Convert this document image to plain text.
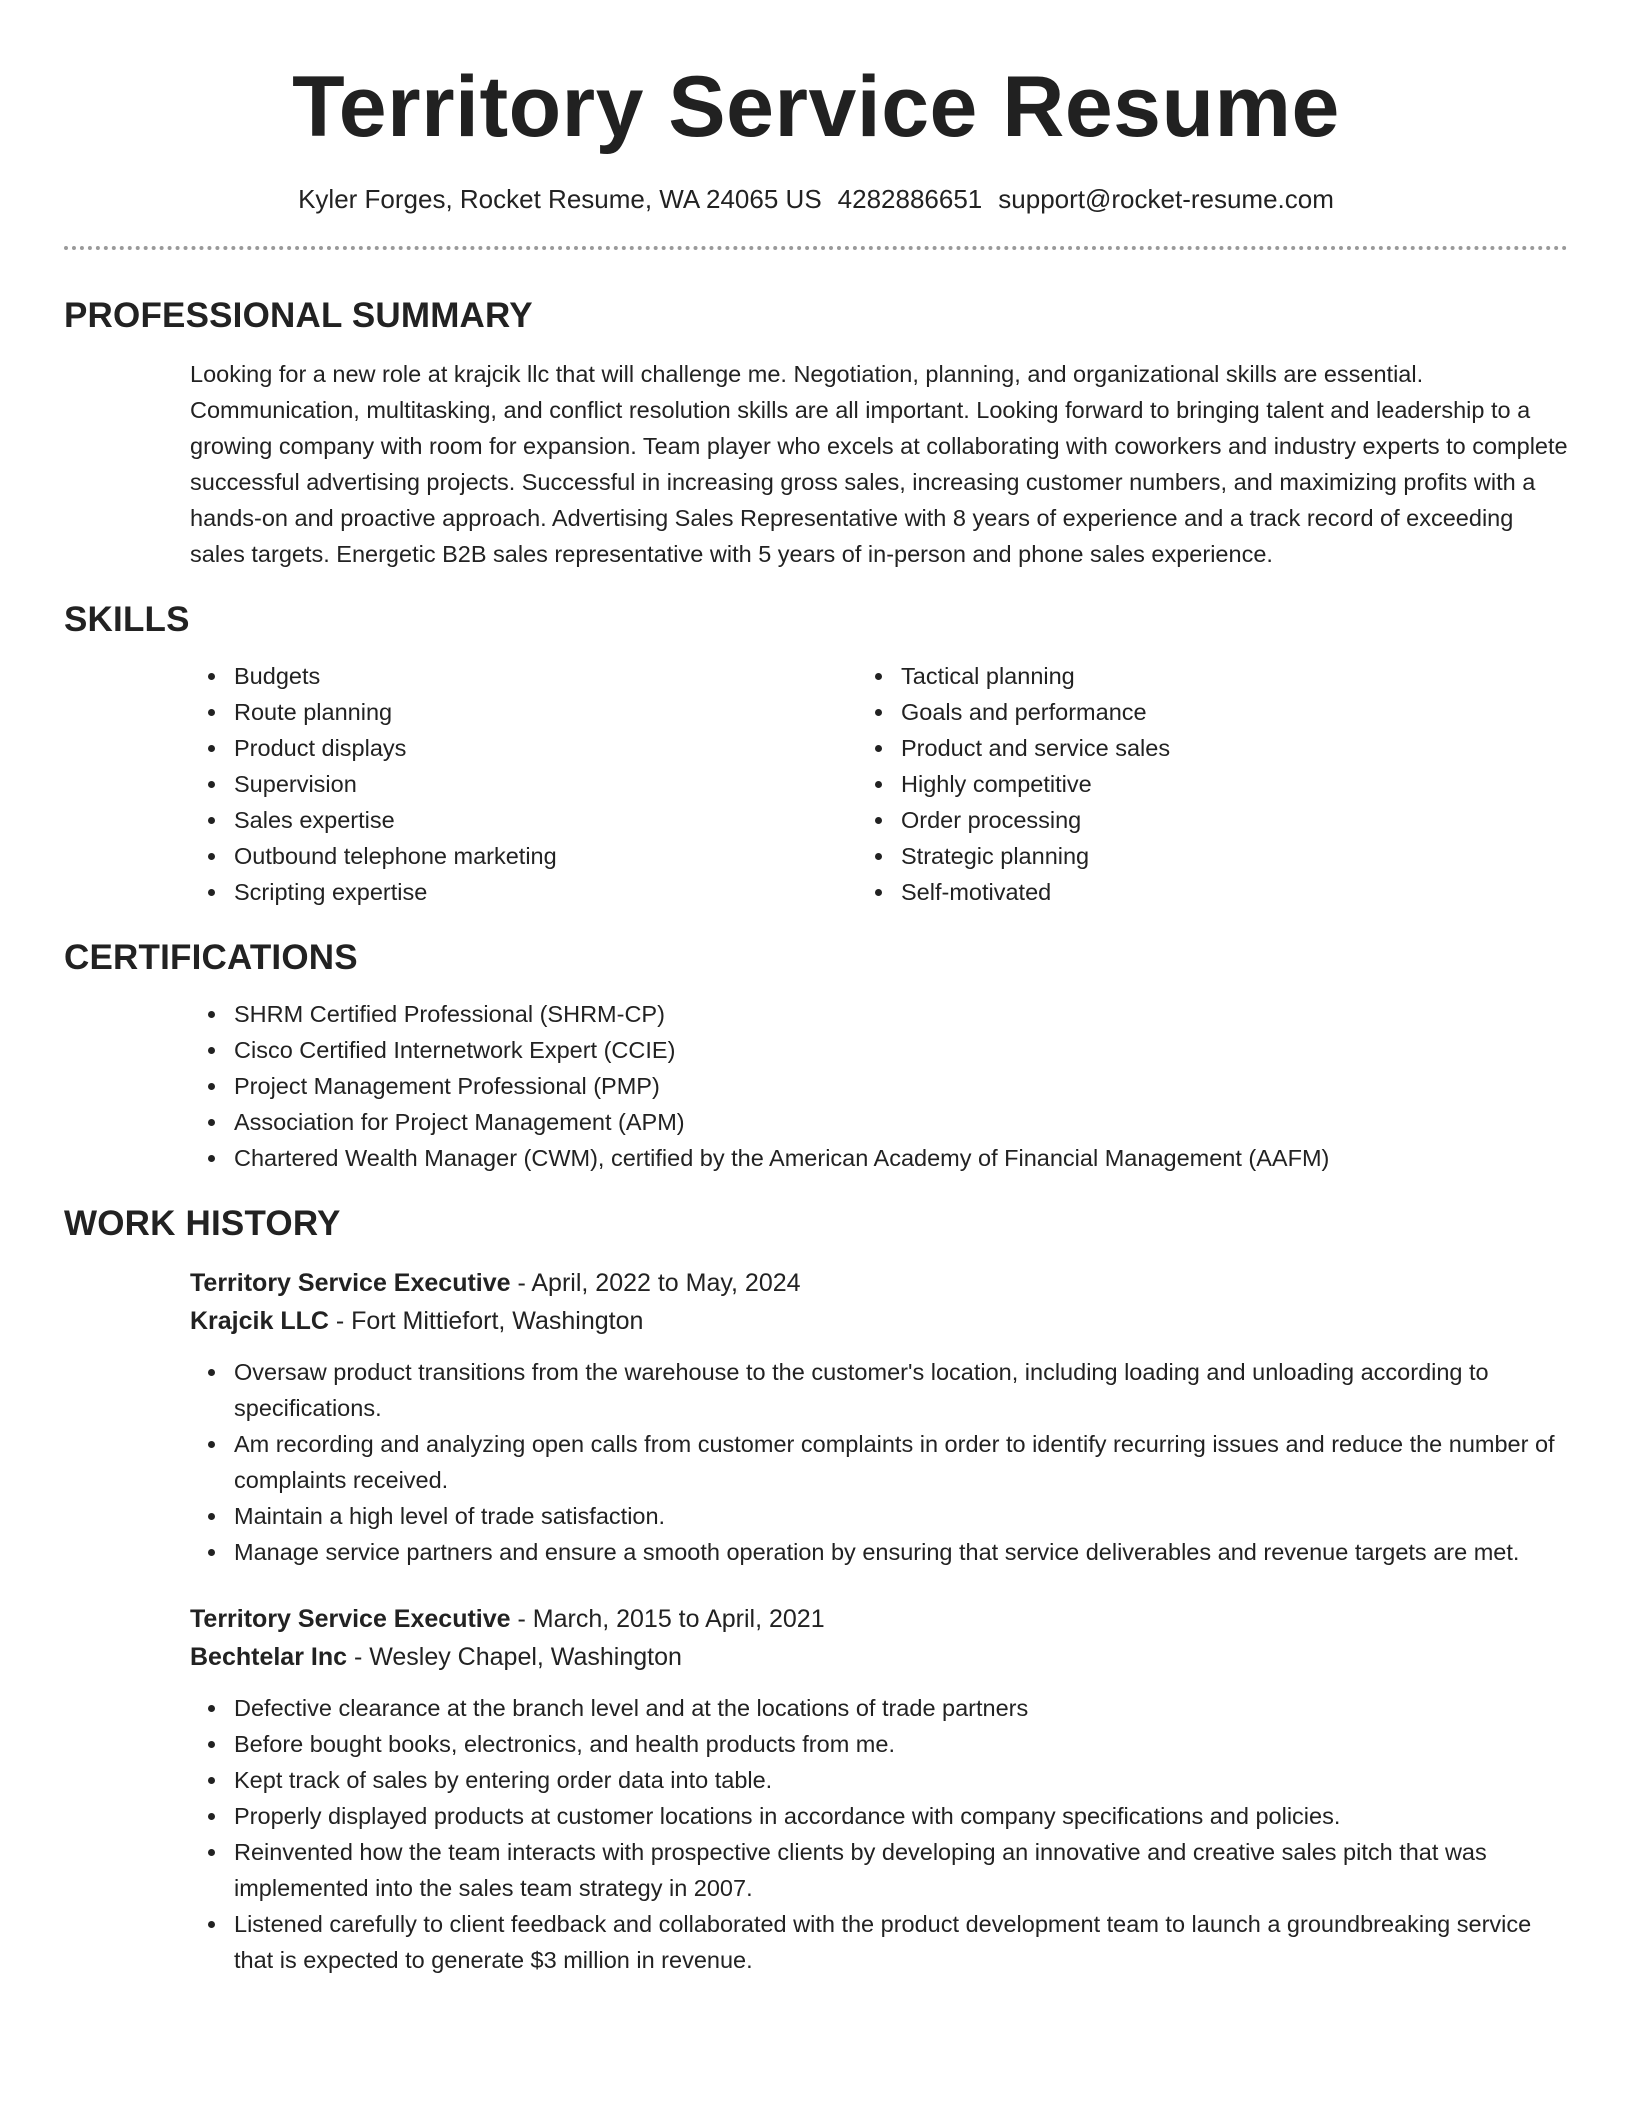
Territory Service Resume
Kyler Forges, Rocket Resume, WA 24065 US 4282886651 support@rocket-resume.com
PROFESSIONAL SUMMARY

Looking for a new role at krajcik llc that will challenge me. Negotiation, planning, and organizational skills are essential. Communication, multitasking, and conflict resolution skills are all important. Looking forward to bringing talent and leadership to a growing company with room for expansion. Team player who excels at collaborating with coworkers and industry experts to complete successful advertising projects. Successful in increasing gross sales, increasing customer numbers, and maximizing profits with a hands-on and proactive approach. Advertising Sales Representative with 8 years of experience and a track record of exceeding sales targets. Energetic B2B sales representative with 5 years of in-person and phone sales experience.

SKILLS
Budgets
Route planning
Product displays
Supervision
Sales expertise
Outbound telephone marketing
Scripting expertise
Tactical planning
Goals and performance
Product and service sales
Highly competitive
Order processing
Strategic planning
Self-motivated
CERTIFICATIONS
SHRM Certified Professional (SHRM-CP)
Cisco Certified Internetwork Expert (CCIE)
Project Management Professional (PMP)
Association for Project Management (APM)
Chartered Wealth Manager (CWM), certified by the American Academy of Financial Management (AAFM)
WORK HISTORY
Territory Service Executive - April, 2022 to May, 2024
Krajcik LLC - Fort Mittiefort, Washington
Oversaw product transitions from the warehouse to the customer's location, including loading and unloading according to specifications.
Am recording and analyzing open calls from customer complaints in order to identify recurring issues and reduce the number of complaints received.
Maintain a high level of trade satisfaction.
Manage service partners and ensure a smooth operation by ensuring that service deliverables and revenue targets are met.
Territory Service Executive - March, 2015 to April, 2021
Bechtelar Inc - Wesley Chapel, Washington
Defective clearance at the branch level and at the locations of trade partners
Before bought books, electronics, and health products from me.
Kept track of sales by entering order data into table.
Properly displayed products at customer locations in accordance with company specifications and policies.
Reinvented how the team interacts with prospective clients by developing an innovative and creative sales pitch that was implemented into the sales team strategy in 2007.
Listened carefully to client feedback and collaborated with the product development team to launch a groundbreaking service that is expected to generate $3 million in revenue.
